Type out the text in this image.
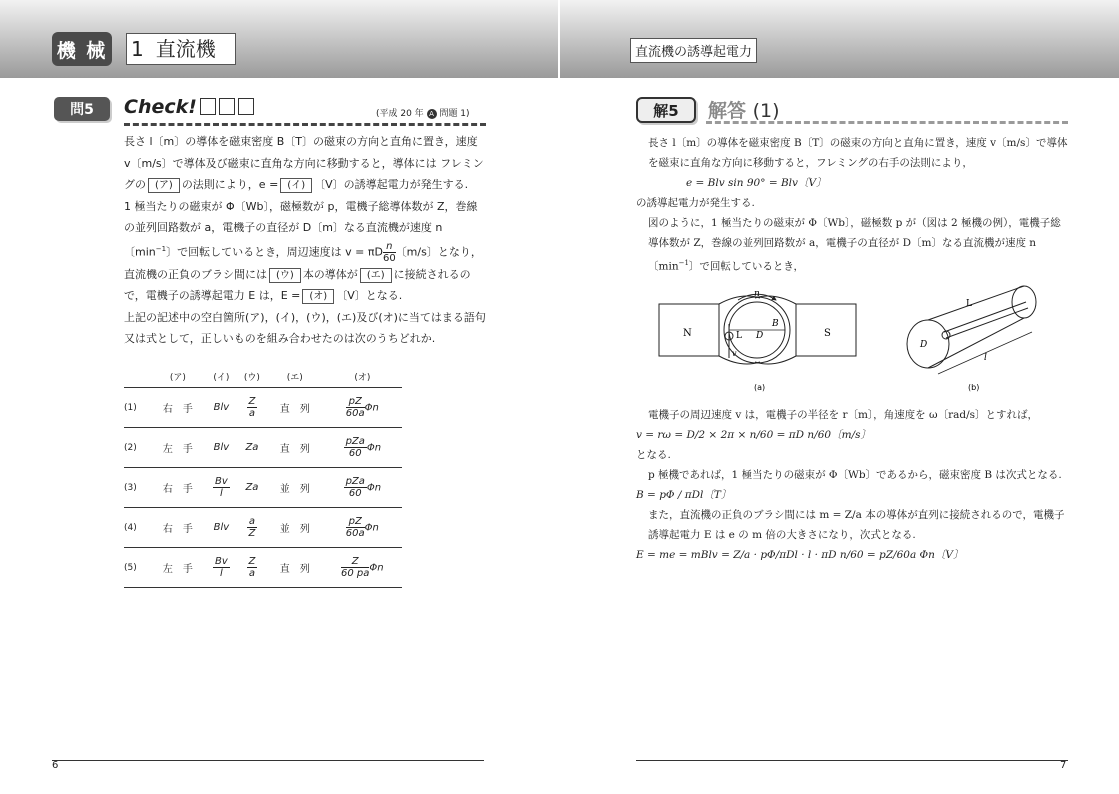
機 械 1 直流機	直流機の誘導起電力
問5	Check!	(平成 20 年 A 問題 1)

長さ l〔m〕の導体を磁束密度 B〔T〕の磁束の方向と直角に置き，速度 v〔m/s〕で導体及び磁束に直角な方向に移動すると，導体には フレミングの (ア) の法則により，e = (イ) 〔V〕の誘導起電力が発生する.

1 極当たりの磁束が Φ〔Wb〕，磁極数が p，電機子総導体数が Z，巻線の並列回路数が a，電機子の直径が D〔m〕なる直流機が速度 n〔$\min^{-1}$〕で回転しているとき，周辺速度は v = πD $\frac{n}{60}$ 〔m/s〕となり，直流機の正負のブラシ間には (ウ) 本の導体が (エ) に接続されるので，電機子の誘導起電力 E は，E = (オ) 〔V〕となる.

上記の記述中の空白箇所(ア)，(イ)，(ウ)，(エ)及び(オ)に当てはまる語句又は式として，正しいものを組み合わせたのは次のうちどれか.

	(ア)	(イ)	(ウ)	(エ)	(オ)
(1)	右　手	Blv	$\frac{Z}{a}$	直　列	$\frac{pZ}{60a}$ Φn
(2)	左　手	Blv	Za	直　列	$\frac{\text{pZa}}{60}$ Φn
(3)	右　手	$\frac{Bv}{l}$	Za	並　列	$\frac{\text{pZa}}{60}$ Φn
(4)	右　手	Blv	$\frac{a}{Z}$	並　列	$\frac{pZ}{60a}$ Φn
(5)	左　手	$\frac{Bv}{l}$	$\frac{Z}{a}$	直　列	$\frac{Z}{60 pa}$ Φn
解5	解答 (1)

長さ l〔m〕の導体を磁束密度 B〔T〕の磁束の方向と直角に置き，速度 v〔m/s〕で導体を磁束に直角な方向に移動すると，フレミングの右手の法則により，

e = Blv sin 90° = Blv〔V〕

の誘導起電力が発生する.

図のように，1 極当たりの磁束が Φ〔Wb〕，磁極数 p が（図は 2 極機の例），電機子総導体数が Z，巻線の並列回路数が a，電機子の直径が D〔m〕なる直流機が速度 n〔$\min^{-1}$〕で回転しているとき，

N	S
n
L D
B
v
(a)
L
D
l
(b)

電機子の周辺速度 v は，電機子の半径を r〔m〕，角速度を ω〔rad/s〕とすれば，

v = rω = D/2 × 2π × n/60 = πD n/60〔m/s〕

となる.

p 極機であれば，1 極当たりの磁束が Φ〔Wb〕であるから，磁束密度 B は次式となる.

B = pΦ / πDl〔T〕

また，直流機の正負のブラシ間には m = Z/a 本の導体が直列に接続されるので，電機子誘導起電力 E は e の m 倍の大きさになり，次式となる.

E = me = mBlv = Z/a · pΦ/πDl · l · πD n/60 = pZ/60a Φn〔V〕

6	7
